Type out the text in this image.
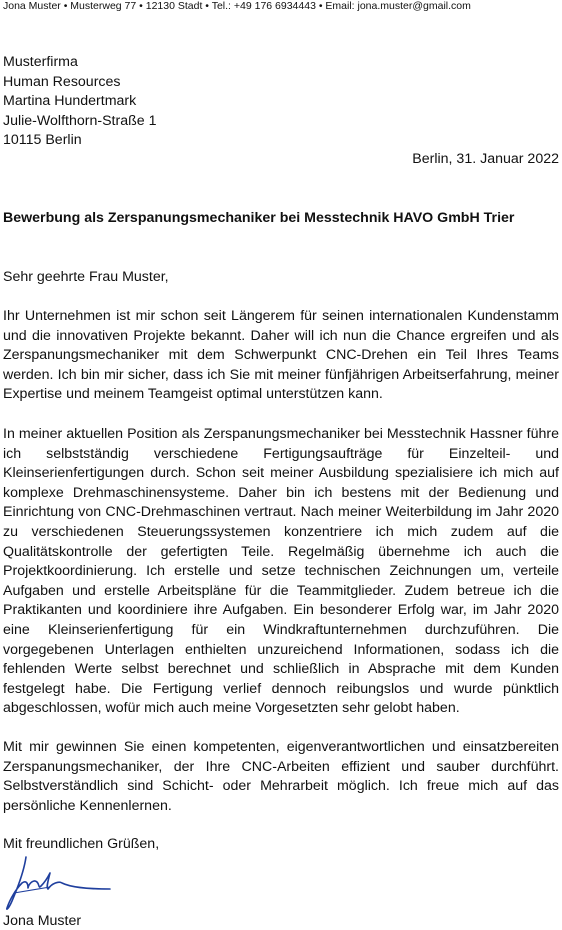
Jona Muster • Musterweg 77 • 12130 Stadt • Tel.: +49 176 6934443 • Email: jona.muster@gmail.com
Musterfirma
Human Resources
Martina Hundertmark
Julie-Wolfthorn-Straße 1
10115 Berlin
Berlin, 31. Januar 2022
Bewerbung als Zerspanungsmechaniker bei Messtechnik HAVO GmbH Trier
Sehr geehrte Frau Muster,

Ihr Unternehmen ist mir schon seit Längerem für seinen internationalen Kundenstamm und die innovativen Projekte bekannt. Daher will ich nun die Chance ergreifen und als Zerspanungsmechaniker mit dem Schwerpunkt CNC-Drehen ein Teil Ihres Teams werden. Ich bin mir sicher, dass ich Sie mit meiner fünfjährigen Arbeitserfahrung, meiner Expertise und meinem Teamgeist optimal unterstützen kann.

In meiner aktuellen Position als Zerspanungsmechaniker bei Messtechnik Hassner führe ich selbstständig verschiedene Fertigungsaufträge für Einzelteil- und Kleinserienfertigungen durch. Schon seit meiner Ausbildung spezialisiere ich mich auf komplexe Drehmaschinensysteme. Daher bin ich bestens mit der Bedienung und Einrichtung von CNC-Drehmaschinen vertraut. Nach meiner Weiterbildung im Jahr 2020 zu verschiedenen Steuerungssystemen konzentriere ich mich zudem auf die Qualitätskontrolle der gefertigten Teile. Regelmäßig übernehme ich auch die Projektkoordinierung. Ich erstelle und setze technischen Zeichnungen um, verteile Aufgaben und erstelle Arbeitspläne für die Teammitglieder. Zudem betreue ich die Praktikanten und koordiniere ihre Aufgaben. Ein besonderer Erfolg war, im Jahr 2020 eine Kleinserienfertigung für ein Windkraftunternehmen durchzuführen. Die vorgegebenen Unterlagen enthielten unzureichend Informationen, sodass ich die fehlenden Werte selbst berechnet und schließlich in Absprache mit dem Kunden festgelegt habe. Die Fertigung verlief dennoch reibungslos und wurde pünktlich abgeschlossen, wofür mich auch meine Vorgesetzten sehr gelobt haben.

Mit mir gewinnen Sie einen kompetenten, eigenverantwortlichen und einsatzbereiten Zerspanungsmechaniker, der Ihre CNC-Arbeiten effizient und sauber durchführt. Selbstverständlich sind Schicht- oder Mehrarbeit möglich. Ich freue mich auf das persönliche Kennenlernen.

Mit freundlichen Grüßen,
Jona Muster
